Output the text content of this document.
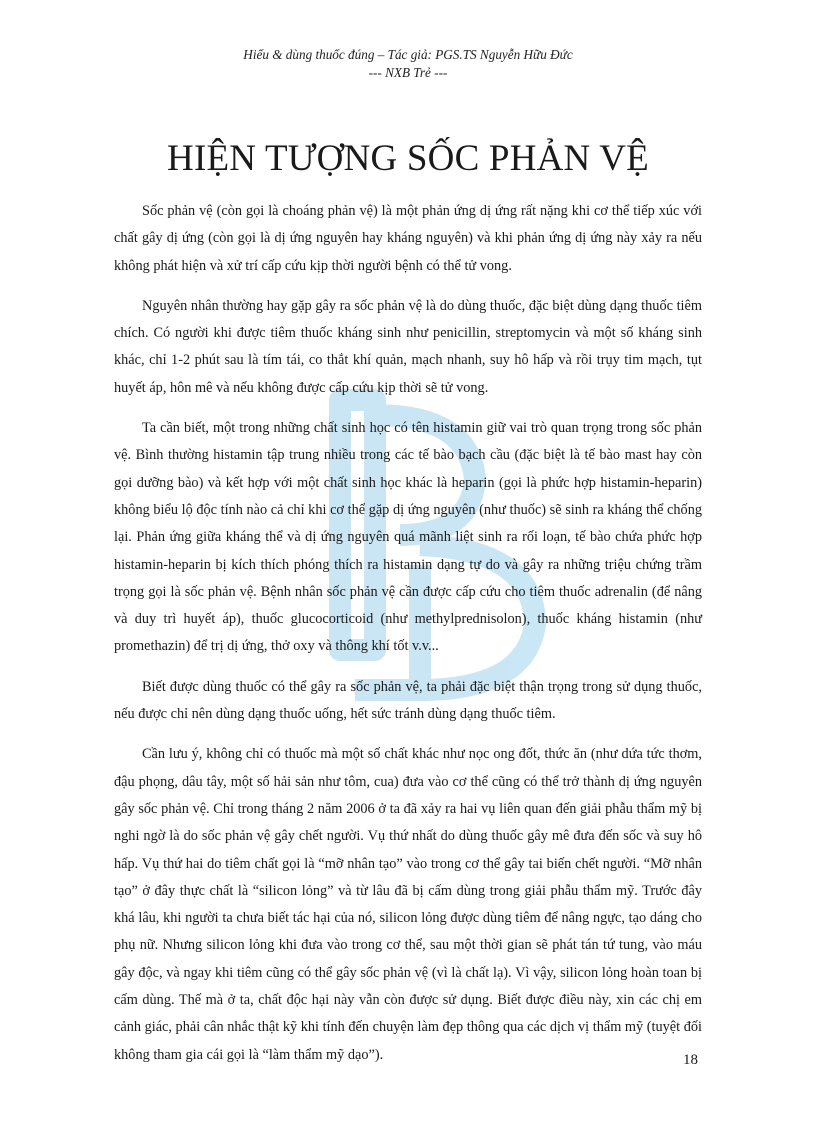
Hiểu & dùng thuốc đúng – Tác giả: PGS.TS Nguyễn Hữu Đức
--- NXB Trẻ ---
HIỆN TƯỢNG SỐC PHẢN VỆ

Sốc phản vệ (còn gọi là choáng phản vệ) là một phản ứng dị ứng rất nặng khi cơ thể tiếp xúc với chất gây dị ứng (còn gọi là dị ứng nguyên hay kháng nguyên) và khi phản ứng dị ứng này xảy ra nếu không phát hiện và xử trí cấp cứu kịp thời người bệnh có thể tử vong.

Nguyên nhân thường hay gặp gây ra sốc phản vệ là do dùng thuốc, đặc biệt dùng dạng thuốc tiêm chích. Có người khi được tiêm thuốc kháng sinh như penicillin, streptomycin và một số kháng sinh khác, chỉ 1-2 phút sau là tím tái, co thắt khí quản, mạch nhanh, suy hô hấp và rồi trụy tim mạch, tụt huyết áp, hôn mê và nếu không được cấp cứu kịp thời sẽ tử vong.

Ta cần biết, một trong những chất sinh học có tên histamin giữ vai trò quan trọng trong sốc phản vệ. Bình thường histamin tập trung nhiều trong các tế bào bạch cầu (đặc biệt là tế bào mast hay còn gọi dưỡng bào) và kết hợp với một chất sinh học khác là heparin (gọi là phức hợp histamin-heparin) không biểu lộ độc tính nào cả chỉ khi cơ thể gặp dị ứng nguyên (như thuốc) sẽ sinh ra kháng thể chống lại. Phản ứng giữa kháng thể và dị ứng nguyên quá mãnh liệt sinh ra rối loạn, tế bào chứa phức hợp histamin-heparin bị kích thích phóng thích ra histamin dạng tự do và gây ra những triệu chứng trầm trọng gọi là sốc phản vệ. Bệnh nhân sốc phản vệ cần được cấp cứu cho tiêm thuốc adrenalin (để nâng và duy trì huyết áp), thuốc glucocorticoid (như methylprednisolon), thuốc kháng histamin (như promethazin) để trị dị ứng, thở oxy và thông khí tốt v.v...

Biết được dùng thuốc có thể gây ra sốc phản vệ, ta phải đặc biệt thận trọng trong sử dụng thuốc, nếu được chỉ nên dùng dạng thuốc uống, hết sức tránh dùng dạng thuốc tiêm.

Cần lưu ý, không chỉ có thuốc mà một số chất khác như nọc ong đốt, thức ăn (như dứa tức thơm, đậu phọng, dâu tây, một số hải sản như tôm, cua) đưa vào cơ thể cũng có thể trở thành dị ứng nguyên gây sốc phản vệ. Chỉ trong tháng 2 năm 2006 ở ta đã xảy ra hai vụ liên quan đến giải phẫu thẩm mỹ bị nghi ngờ là do sốc phản vệ gây chết người. Vụ thứ nhất do dùng thuốc gây mê đưa đến sốc và suy hô hấp. Vụ thứ hai do tiêm chất gọi là “mỡ nhân tạo” vào trong cơ thể gây tai biến chết người. “Mỡ nhân tạo” ở đây thực chất là “silicon lỏng” và từ lâu đã bị cấm dùng trong giải phẫu thẩm mỹ. Trước đây khá lâu, khi người ta chưa biết tác hại của nó, silicon lỏng được dùng tiêm để nâng ngực, tạo dáng cho phụ nữ. Nhưng silicon lỏng khi đưa vào trong cơ thể, sau một thời gian sẽ phát tán tứ tung, vào máu gây độc, và ngay khi tiêm cũng có thể gây sốc phản vệ (vì là chất lạ). Vì vậy, silicon lỏng hoàn toan bị cấm dùng. Thế mà ở ta, chất độc hại này vẫn còn được sử dụng. Biết được điều này, xin các chị em cảnh giác, phải cân nhắc thật kỹ khi tính đến chuyện làm đẹp thông qua các dịch vị thẩm mỹ (tuyệt đối không tham gia cái gọi là “làm thẩm mỹ dạo”).	18
